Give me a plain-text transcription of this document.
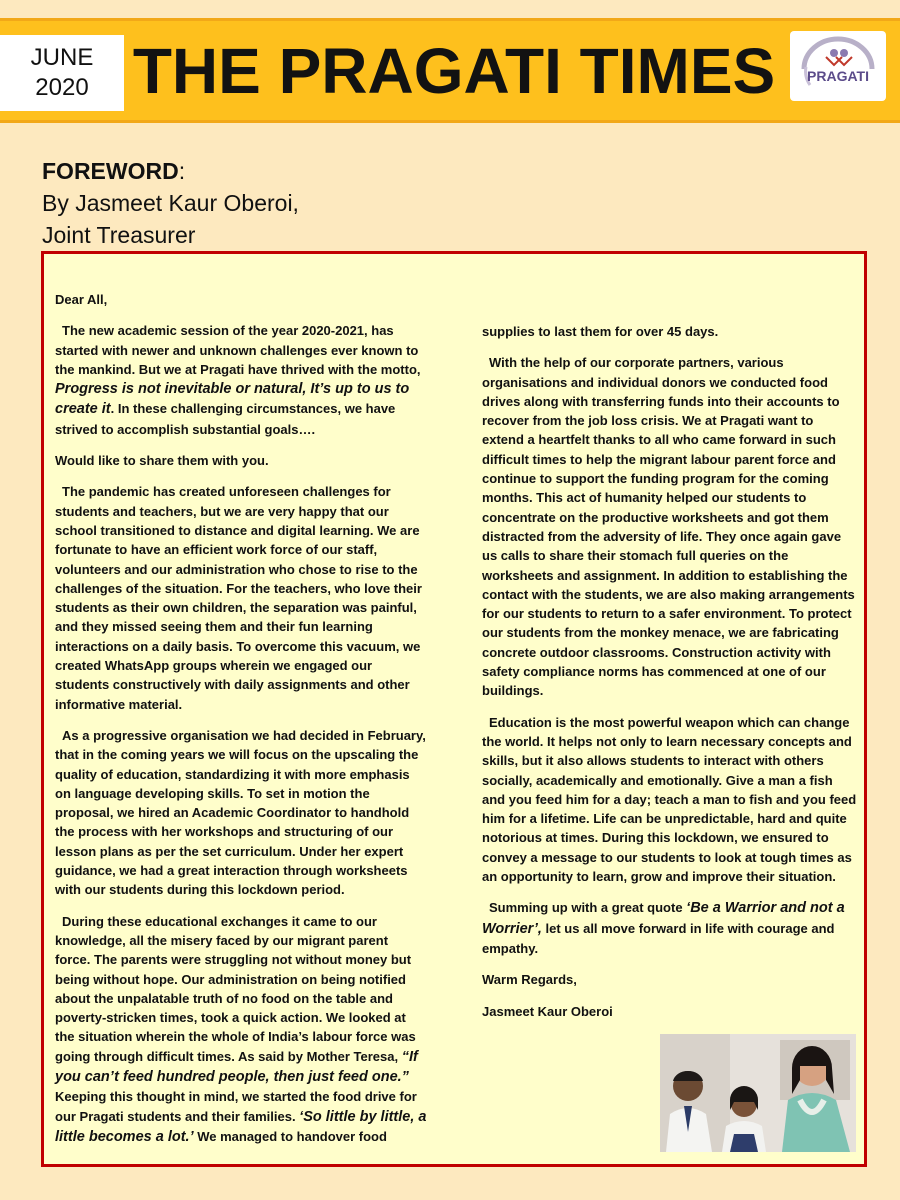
JUNE
2020 THE PRAGATI TIMES	PRAGATI
FOREWORD:
By Jasmeet Kaur Oberoi,
Joint Treasurer

Dear All,

The new academic session of the year 2020-2021, has started with newer and unknown challenges ever known to the mankind. But we at Pragati have thrived with the motto, Progress is not inevitable or natural, It’s up to us to create it. In these challenging circumstances, we have strived to accomplish substantial goals….

Would like to share them with you.

The pandemic has created unforeseen challenges for students and teachers, but we are very happy that our school transitioned to distance and digital learning. We are fortunate to have an efficient work force of our staff, volunteers and our administration who chose to rise to the challenges of the situation. For the teachers, who love their students as their own children, the separation was painful, and they missed seeing them and their fun learning interactions on a daily basis. To overcome this vacuum, we created WhatsApp groups wherein we engaged our students constructively with daily assignments and other informative material.

As a progressive organisation we had decided in February, that in the coming years we will focus on the upscaling the quality of education, standardizing it with more emphasis on language developing skills. To set in motion the proposal, we hired an Academic Coordinator to handhold the process with her workshops and structuring of our lesson plans as per the set curriculum. Under her expert guidance, we had a great interaction through worksheets with our students during this lockdown period.

During these educational exchanges it came to our knowledge, all the misery faced by our migrant parent force. The parents were struggling not without money but being without hope. Our administration on being notified about the unpalatable truth of no food on the table and poverty-stricken times, took a quick action. We looked at the situation wherein the whole of India’s labour force was going through difficult times. As said by Mother Teresa, “If you can’t feed hundred people, then just feed one.” Keeping this thought in mind, we started the food drive for our Pragati students and their families. ‘So little by little, a little becomes a lot.’ We managed to handover food

supplies to last them for over 45 days.

With the help of our corporate partners, various organisations and individual donors we conducted food drives along with transferring funds into their accounts to recover from the job loss crisis. We at Pragati want to extend a heartfelt thanks to all who came forward in such difficult times to help the migrant labour parent force and continue to support the funding program for the coming months. This act of humanity helped our students to concentrate on the productive worksheets and got them distracted from the adversity of life. They once again gave us calls to share their stomach full queries on the worksheets and assignment. In addition to establishing the contact with the students, we are also making arrangements for our students to return to a safer environment. To protect our students from the monkey menace, we are fabricating concrete outdoor classrooms. Construction activity with safety compliance norms has commenced at one of our buildings.

Education is the most powerful weapon which can change the world. It helps not only to learn necessary concepts and skills, but it also allows students to interact with others socially, academically and emotionally. Give a man a fish and you feed him for a day; teach a man to fish and you feed him for a lifetime. Life can be unpredictable, hard and quite notorious at times. During this lockdown, we ensured to convey a message to our students to look at tough times as an opportunity to learn, grow and improve their situation.

Summing up with a great quote ‘Be a Warrior and not a Worrier’, let us all move forward in life with courage and empathy.

Warm Regards,

Jasmeet Kaur Oberoi
